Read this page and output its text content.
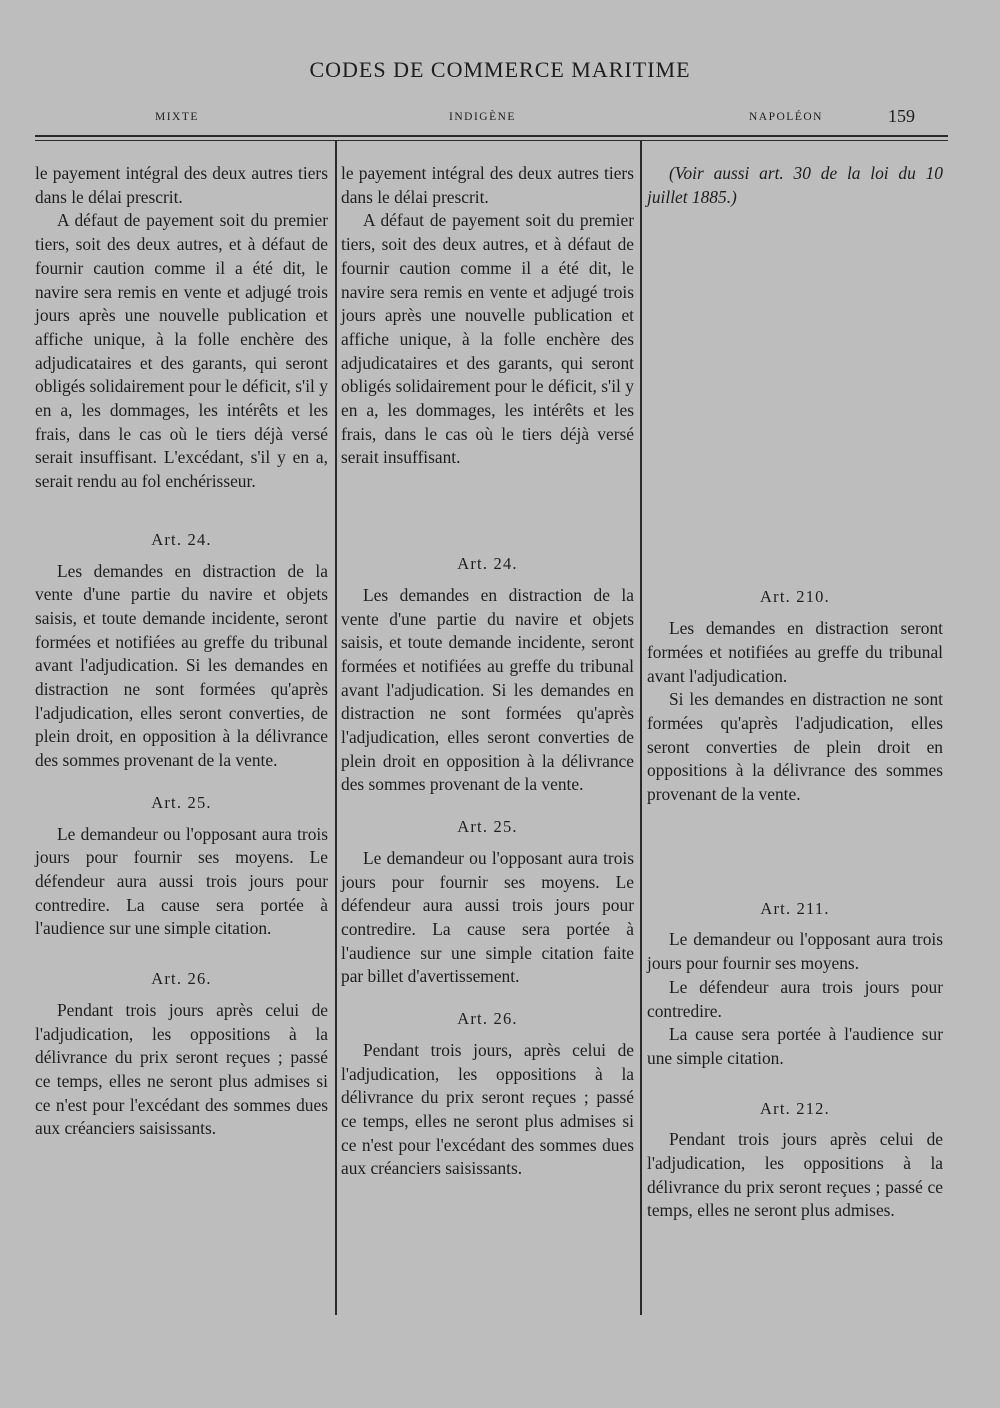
CODES DE COMMERCE MARITIME
MIXTE	INDIGÈNE	NAPOLÉON	159

le payement intégral des deux autres tiers dans le délai prescrit.

A défaut de payement soit du premier tiers, soit des deux autres, et à défaut de fournir caution comme il a été dit, le navire sera remis en vente et adjugé trois jours après une nouvelle publication et affiche unique, à la folle enchère des adjudicataires et des garants, qui seront obligés solidairement pour le déficit, s'il y en a, les dommages, les intérêts et les frais, dans le cas où le tiers déjà versé serait insuffisant. L'excédant, s'il y en a, serait rendu au fol enchérisseur.

Art. 24.

Les demandes en distraction de la vente d'une partie du navire et objets saisis, et toute demande incidente, seront formées et notifiées au greffe du tribunal avant l'adjudication. Si les demandes en distraction ne sont formées qu'après l'adjudication, elles seront converties, de plein droit, en opposition à la délivrance des sommes provenant de la vente.

Art. 25.

Le demandeur ou l'opposant aura trois jours pour fournir ses moyens. Le défendeur aura aussi trois jours pour contredire. La cause sera portée à l'audience sur une simple citation.

Art. 26.

Pendant trois jours après celui de l'adjudication, les oppositions à la délivrance du prix seront reçues ; passé ce temps, elles ne seront plus admises si ce n'est pour l'excédant des sommes dues aux créanciers saisissants.

le payement intégral des deux autres tiers dans le délai prescrit.

A défaut de payement soit du premier tiers, soit des deux autres, et à défaut de fournir caution comme il a été dit, le navire sera remis en vente et adjugé trois jours après une nouvelle publication et affiche unique, à la folle enchère des adjudicataires et des garants, qui seront obligés solidairement pour le déficit, s'il y en a, les dommages, les intérêts et les frais, dans le cas où le tiers déjà versé serait insuffisant.

Art. 24.

Les demandes en distraction de la vente d'une partie du navire et objets saisis, et toute demande incidente, seront formées et notifiées au greffe du tribunal avant l'adjudication. Si les demandes en distraction ne sont formées qu'après l'adjudication, elles seront converties de plein droit en opposition à la délivrance des sommes provenant de la vente.

Art. 25.

Le demandeur ou l'opposant aura trois jours pour fournir ses moyens. Le défendeur aura aussi trois jours pour contredire. La cause sera portée à l'audience sur une simple citation faite par billet d'avertissement.

Art. 26.

Pendant trois jours, après celui de l'adjudication, les oppositions à la délivrance du prix seront reçues ; passé ce temps, elles ne seront plus admises si ce n'est pour l'excédant des sommes dues aux créanciers saisissants.

(Voir aussi art. 30 de la loi du 10 juillet 1885.)

Art. 210.

Les demandes en distraction seront formées et notifiées au greffe du tribunal avant l'adjudication.

Si les demandes en distraction ne sont formées qu'après l'adjudication, elles seront converties de plein droit en oppositions à la délivrance des sommes provenant de la vente.

Art. 211.

Le demandeur ou l'opposant aura trois jours pour fournir ses moyens.

Le défendeur aura trois jours pour contredire.

La cause sera portée à l'audience sur une simple citation.

Art. 212.

Pendant trois jours après celui de l'adjudication, les oppositions à la délivrance du prix seront reçues ; passé ce temps, elles ne seront plus admises.
